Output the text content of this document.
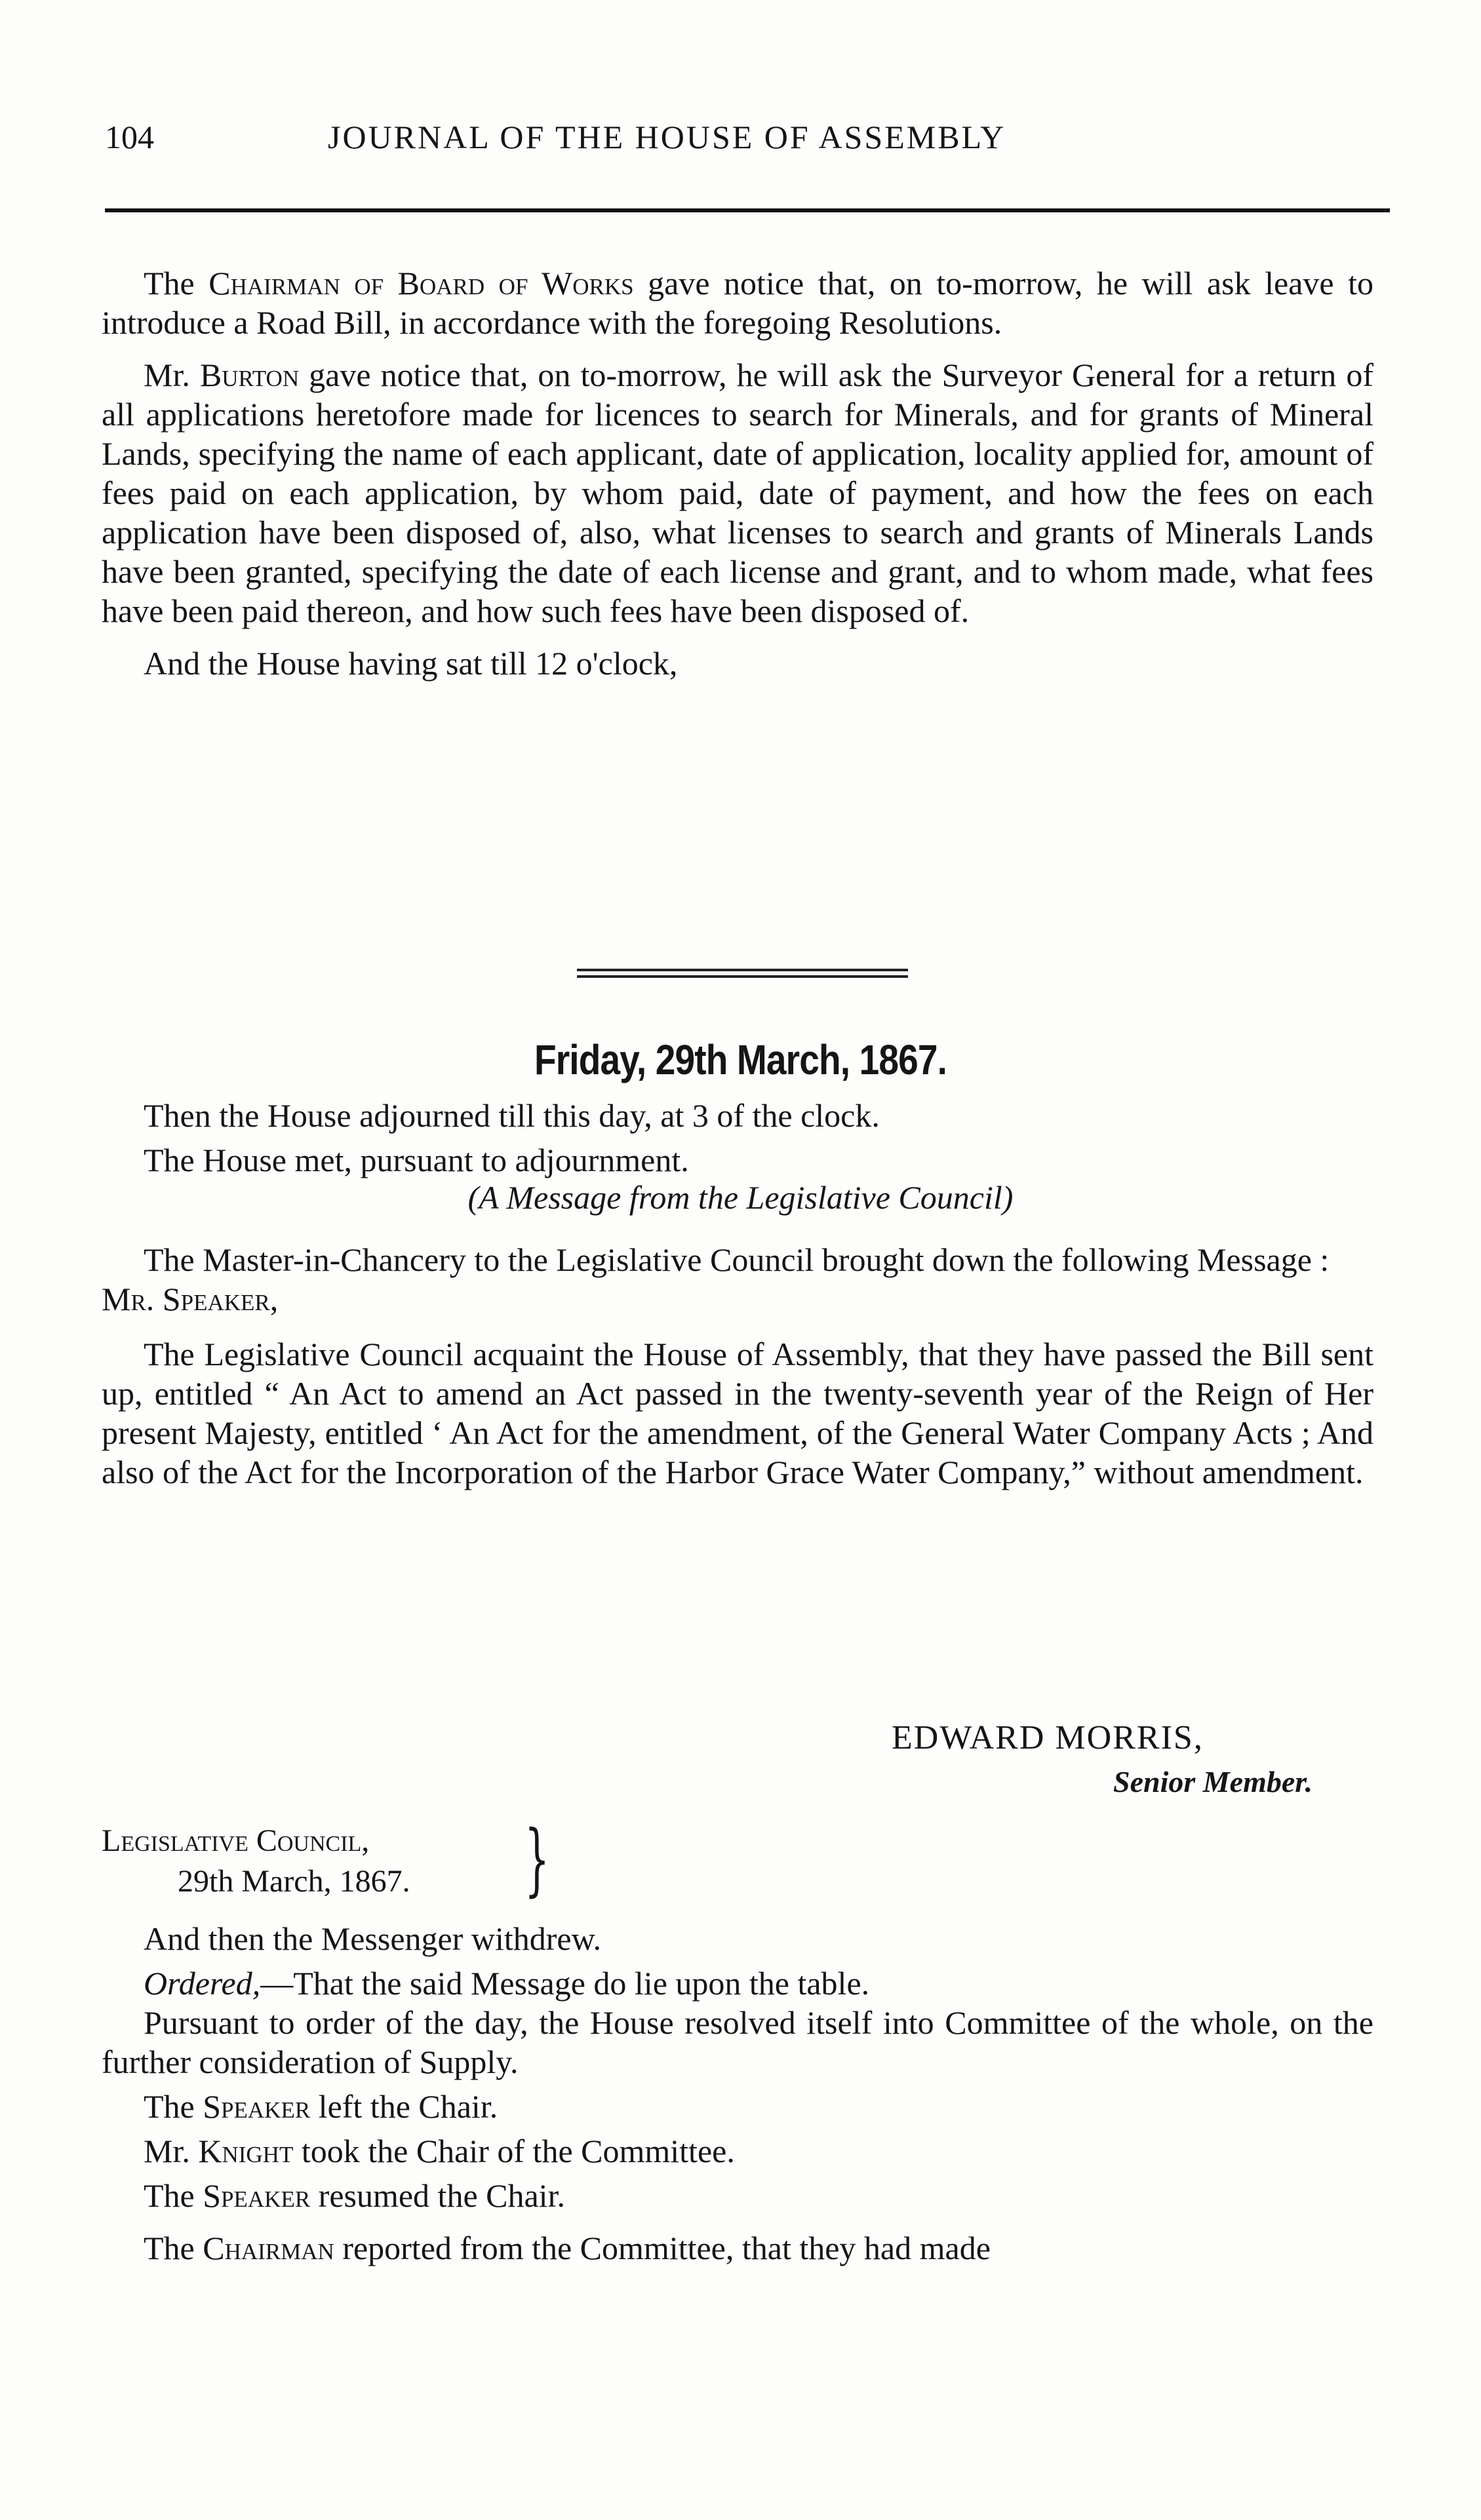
104	JOURNAL OF THE HOUSE OF ASSEMBLY

The Chairman of Board of Works gave notice that, on to-morrow, he will ask leave to introduce a Road Bill, in accordance with the foregoing Resolutions.

Mr. Burton gave notice that, on to-morrow, he will ask the Surveyor General for a return of all applications heretofore made for licences to search for Minerals, and for grants of Mineral Lands, specifying the name of each applicant, date of application, locality applied for, amount of fees paid on each application, by whom paid, date of payment, and how the fees on each application have been disposed of, also, what licenses to search and grants of Minerals Lands have been granted, specifying the date of each license and grant, and to whom made, what fees have been paid thereon, and how such fees have been disposed of.

And the House having sat till 12 o'clock,

Friday, 29th March, 1867.

Then the House adjourned till this day, at 3 of the clock.

The House met, pursuant to adjournment.

(A Message from the Legislative Council)

The Master-in-Chancery to the Legislative Council brought down the following Message :

Mr. Speaker,

The Legislative Council acquaint the House of Assembly, that they have passed the Bill sent up, entitled “ An Act to amend an Act passed in the twenty-seventh year of the Reign of Her present Majesty, entitled ‘ An Act for the amendment, of the General Water Company Acts ; And also of the Act for the Incorporation of the Harbor Grace Water Company,” without amendment.

EDWARD MORRIS,
Senior Member.
Legislative Council,
29th March, 1867. }

And then the Messenger withdrew.

Ordered,—That the said Message do lie upon the table.

Pursuant to order of the day, the House resolved itself into Committee of the whole, on the further consideration of Supply.

The Speaker left the Chair.

Mr. Knight took the Chair of the Committee.

The Speaker resumed the Chair.

The Chairman reported from the Committee, that they had made
